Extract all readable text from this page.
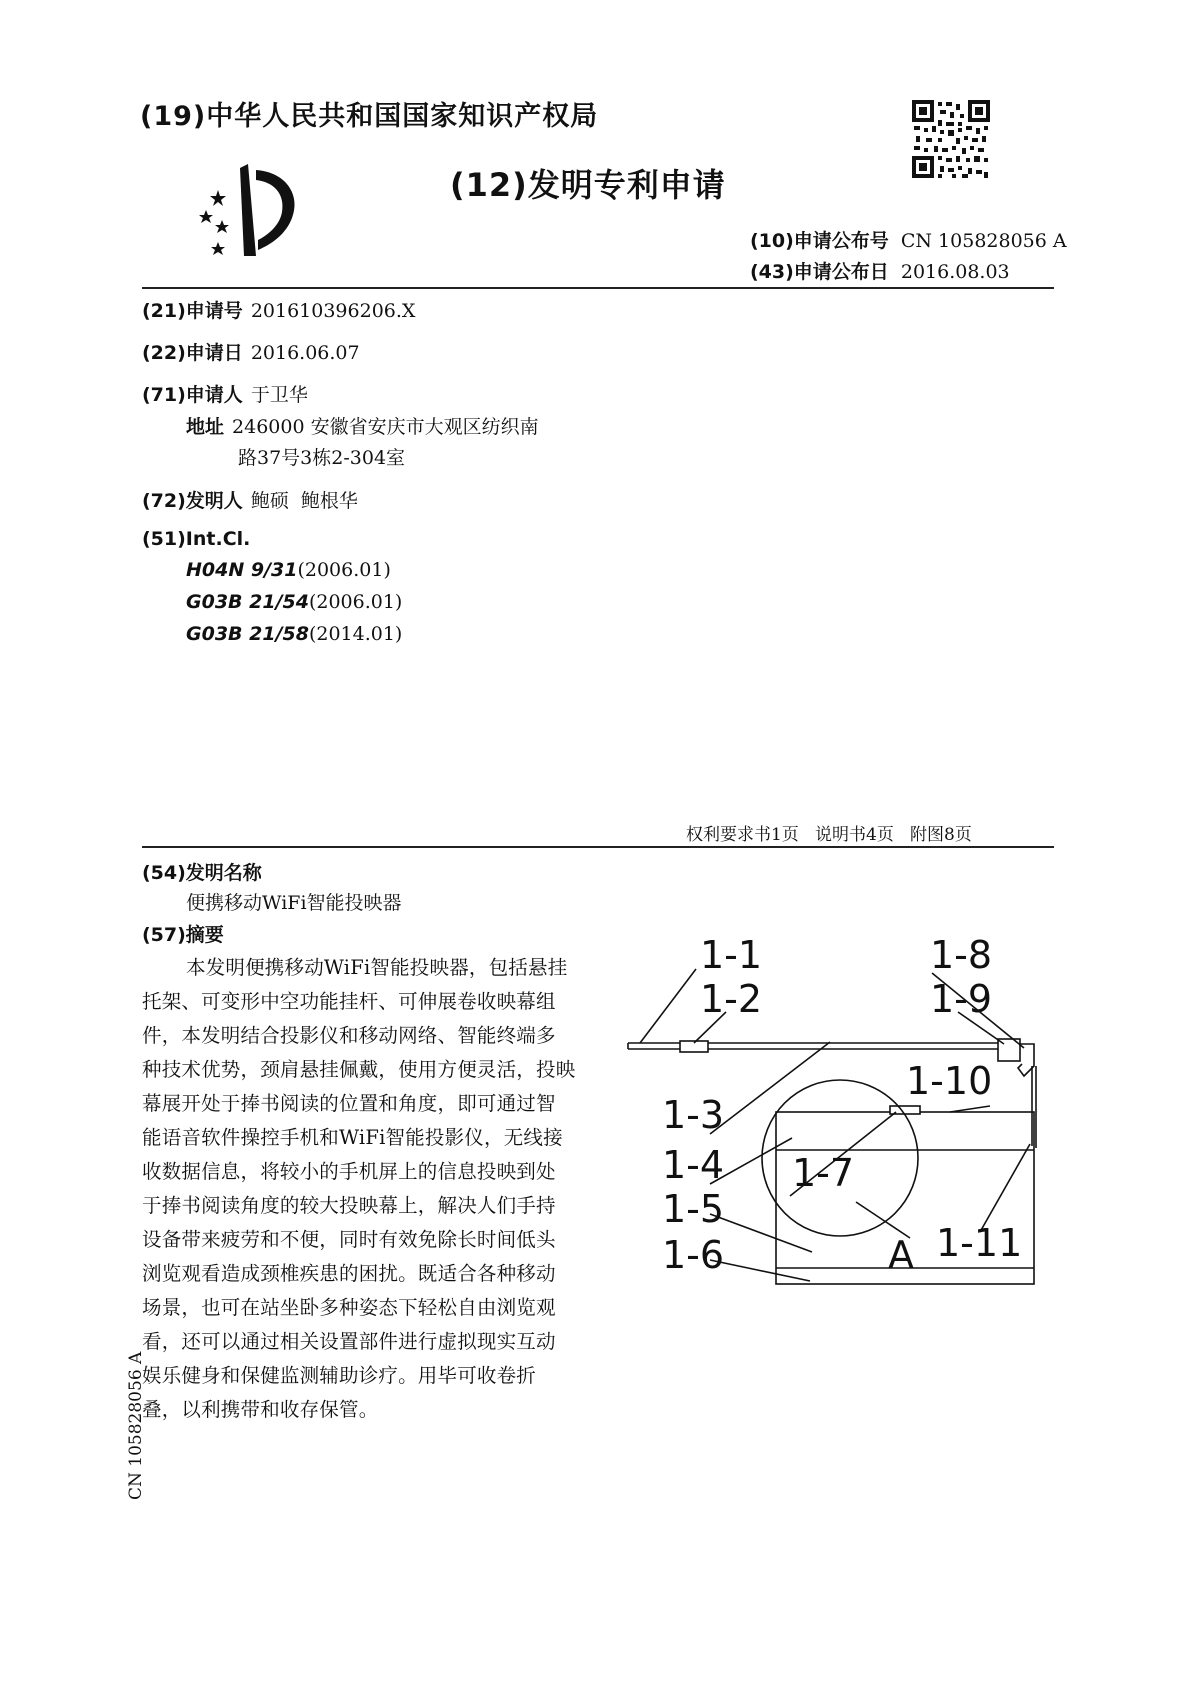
(19)中华人民共和国国家知识产权局
(12)发明专利申请
(10)申请公布号 CN 105828056 A
(43)申请公布日 2016.08.03
(21)申请号 201610396206.X
(22)申请日 2016.06.07
(71)申请人 于卫华
地址 246000 安徽省安庆市大观区纺织南
路37号3栋2-304室
(72)发明人 鲍硕  鲍根华
(51)Int.Cl.
H04N 9/31(2006.01)
G03B 21/54(2006.01)
G03B 21/58(2014.01)
权利要求书1页   说明书4页   附图8页
(54)发明名称
便携移动WiFi智能投映器
(57)摘要
本发明便携移动WiFi智能投映器，包括悬挂
托架、可变形中空功能挂杆、可伸展卷收映幕组
件，本发明结合投影仪和移动网络、智能终端多
种技术优势，颈肩悬挂佩戴，使用方便灵活，投映
幕展开处于捧书阅读的位置和角度，即可通过智
能语音软件操控手机和WiFi智能投影仪，无线接
收数据信息，将较小的手机屏上的信息投映到处
于捧书阅读角度的较大投映幕上，解决人们手持
设备带来疲劳和不便，同时有效免除长时间低头
浏览观看造成颈椎疾患的困扰。既适合各种移动
场景，也可在站坐卧多种姿态下轻松自由浏览观
看，还可以通过相关设置部件进行虚拟现实互动
娱乐健身和保健监测辅助诊疗。用毕可收卷折
叠，以利携带和收存保管。
1-1
1-2
1-8
1-9
1-10
1-3
1-4 1-7
1-5
A 1-11
1-6
CN 105828056 A
